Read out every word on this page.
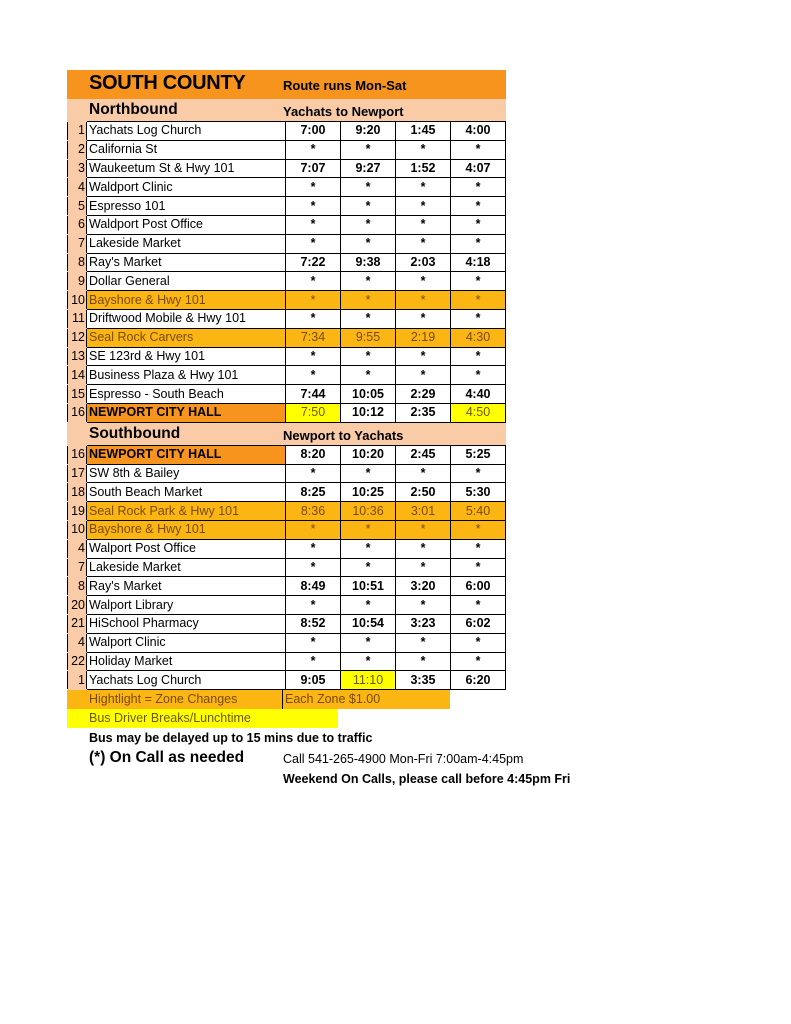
SOUTH COUNTY	Route runs Mon-Sat
Northbound	Yachats to Newport
1	Yachats Log Church	7:00	9:20	1:45	4:00
2	California St	*	*	*	*
3	Waukeetum St & Hwy 101	7:07	9:27	1:52	4:07
4	Waldport Clinic	*	*	*	*
5	Espresso 101	*	*	*	*
6	Waldport Post Office	*	*	*	*
7	Lakeside Market	*	*	*	*
8	Ray's Market	7:22	9:38	2:03	4:18
9	Dollar General	*	*	*	*
10	Bayshore & Hwy 101	*	*	*	*
11	Driftwood Mobile & Hwy 101	*	*	*	*
12	Seal Rock Carvers	7:34	9:55	2:19	4:30
13	SE 123rd & Hwy 101	*	*	*	*
14	Business Plaza & Hwy 101	*	*	*	*
15	Espresso - South Beach	7:44	10:05	2:29	4:40
16	NEWPORT CITY HALL	7:50	10:12	2:35	4:50
Southbound	Newport to Yachats
16	NEWPORT CITY HALL	8:20	10:20	2:45	5:25
17	SW 8th & Bailey	*	*	*	*
18	South Beach Market	8:25	10:25	2:50	5:30
19	Seal Rock Park & Hwy 101	8:36	10:36	3:01	5:40
10	Bayshore & Hwy 101	*	*	*	*
4	Walport Post Office	*	*	*	*
7	Lakeside Market	*	*	*	*
8	Ray's Market	8:49	10:51	3:20	6:00
20	Walport Library	*	*	*	*
21	HiSchool Pharmacy	8:52	10:54	3:23	6:02
4	Walport Clinic	*	*	*	*
22	Holiday Market	*	*	*	*
1	Yachats Log Church	9:05	11:10	3:35	6:20
Hightlight = Zone Changes	Each Zone $1.00
Bus Driver Breaks/Lunchtime
Bus may be delayed up to 15 mins due to traffic
(*) On Call as needed	Call 541-265-4900 Mon-Fri 7:00am-4:45pm
Weekend On Calls, please call before 4:45pm Fri
